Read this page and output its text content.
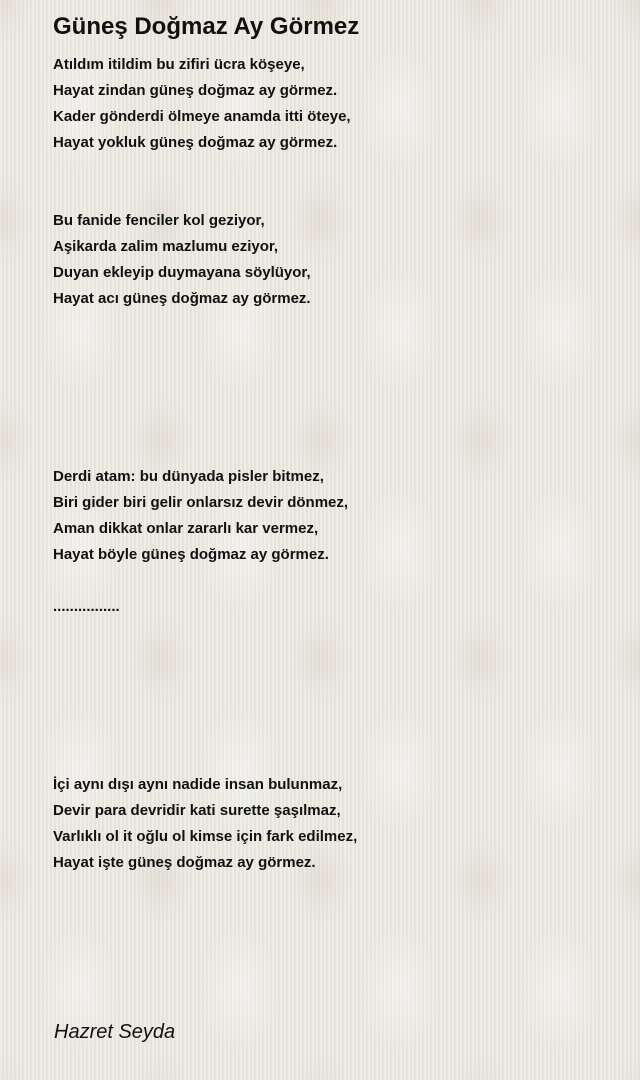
Güneş Doğmaz Ay Görmez

Atıldım itildim bu zifiri ücra köşeye,
Hayat zindan güneş doğmaz ay görmez.
Kader gönderdi ölmeye anamda itti öteye,
Hayat yokluk güneş doğmaz ay görmez.

Bu fanide fenciler kol geziyor,
Aşikarda zalim mazlumu eziyor,
Duyan ekleyip duymayana söylüyor,
Hayat acı güneş doğmaz ay görmez.

Derdi atam: bu dünyada pisler bitmez,
Biri gider biri gelir onlarsız devir dönmez,
Aman dikkat onlar zararlı kar vermez,
Hayat böyle güneş doğmaz ay görmez.

................

İçi aynı dışı aynı nadide insan bulunmaz,
Devir para devridir kati surette şaşılmaz,
Varlıklı ol it oğlu ol kimse için fark edilmez,
Hayat işte güneş doğmaz ay görmez.

Hazret Seyda
